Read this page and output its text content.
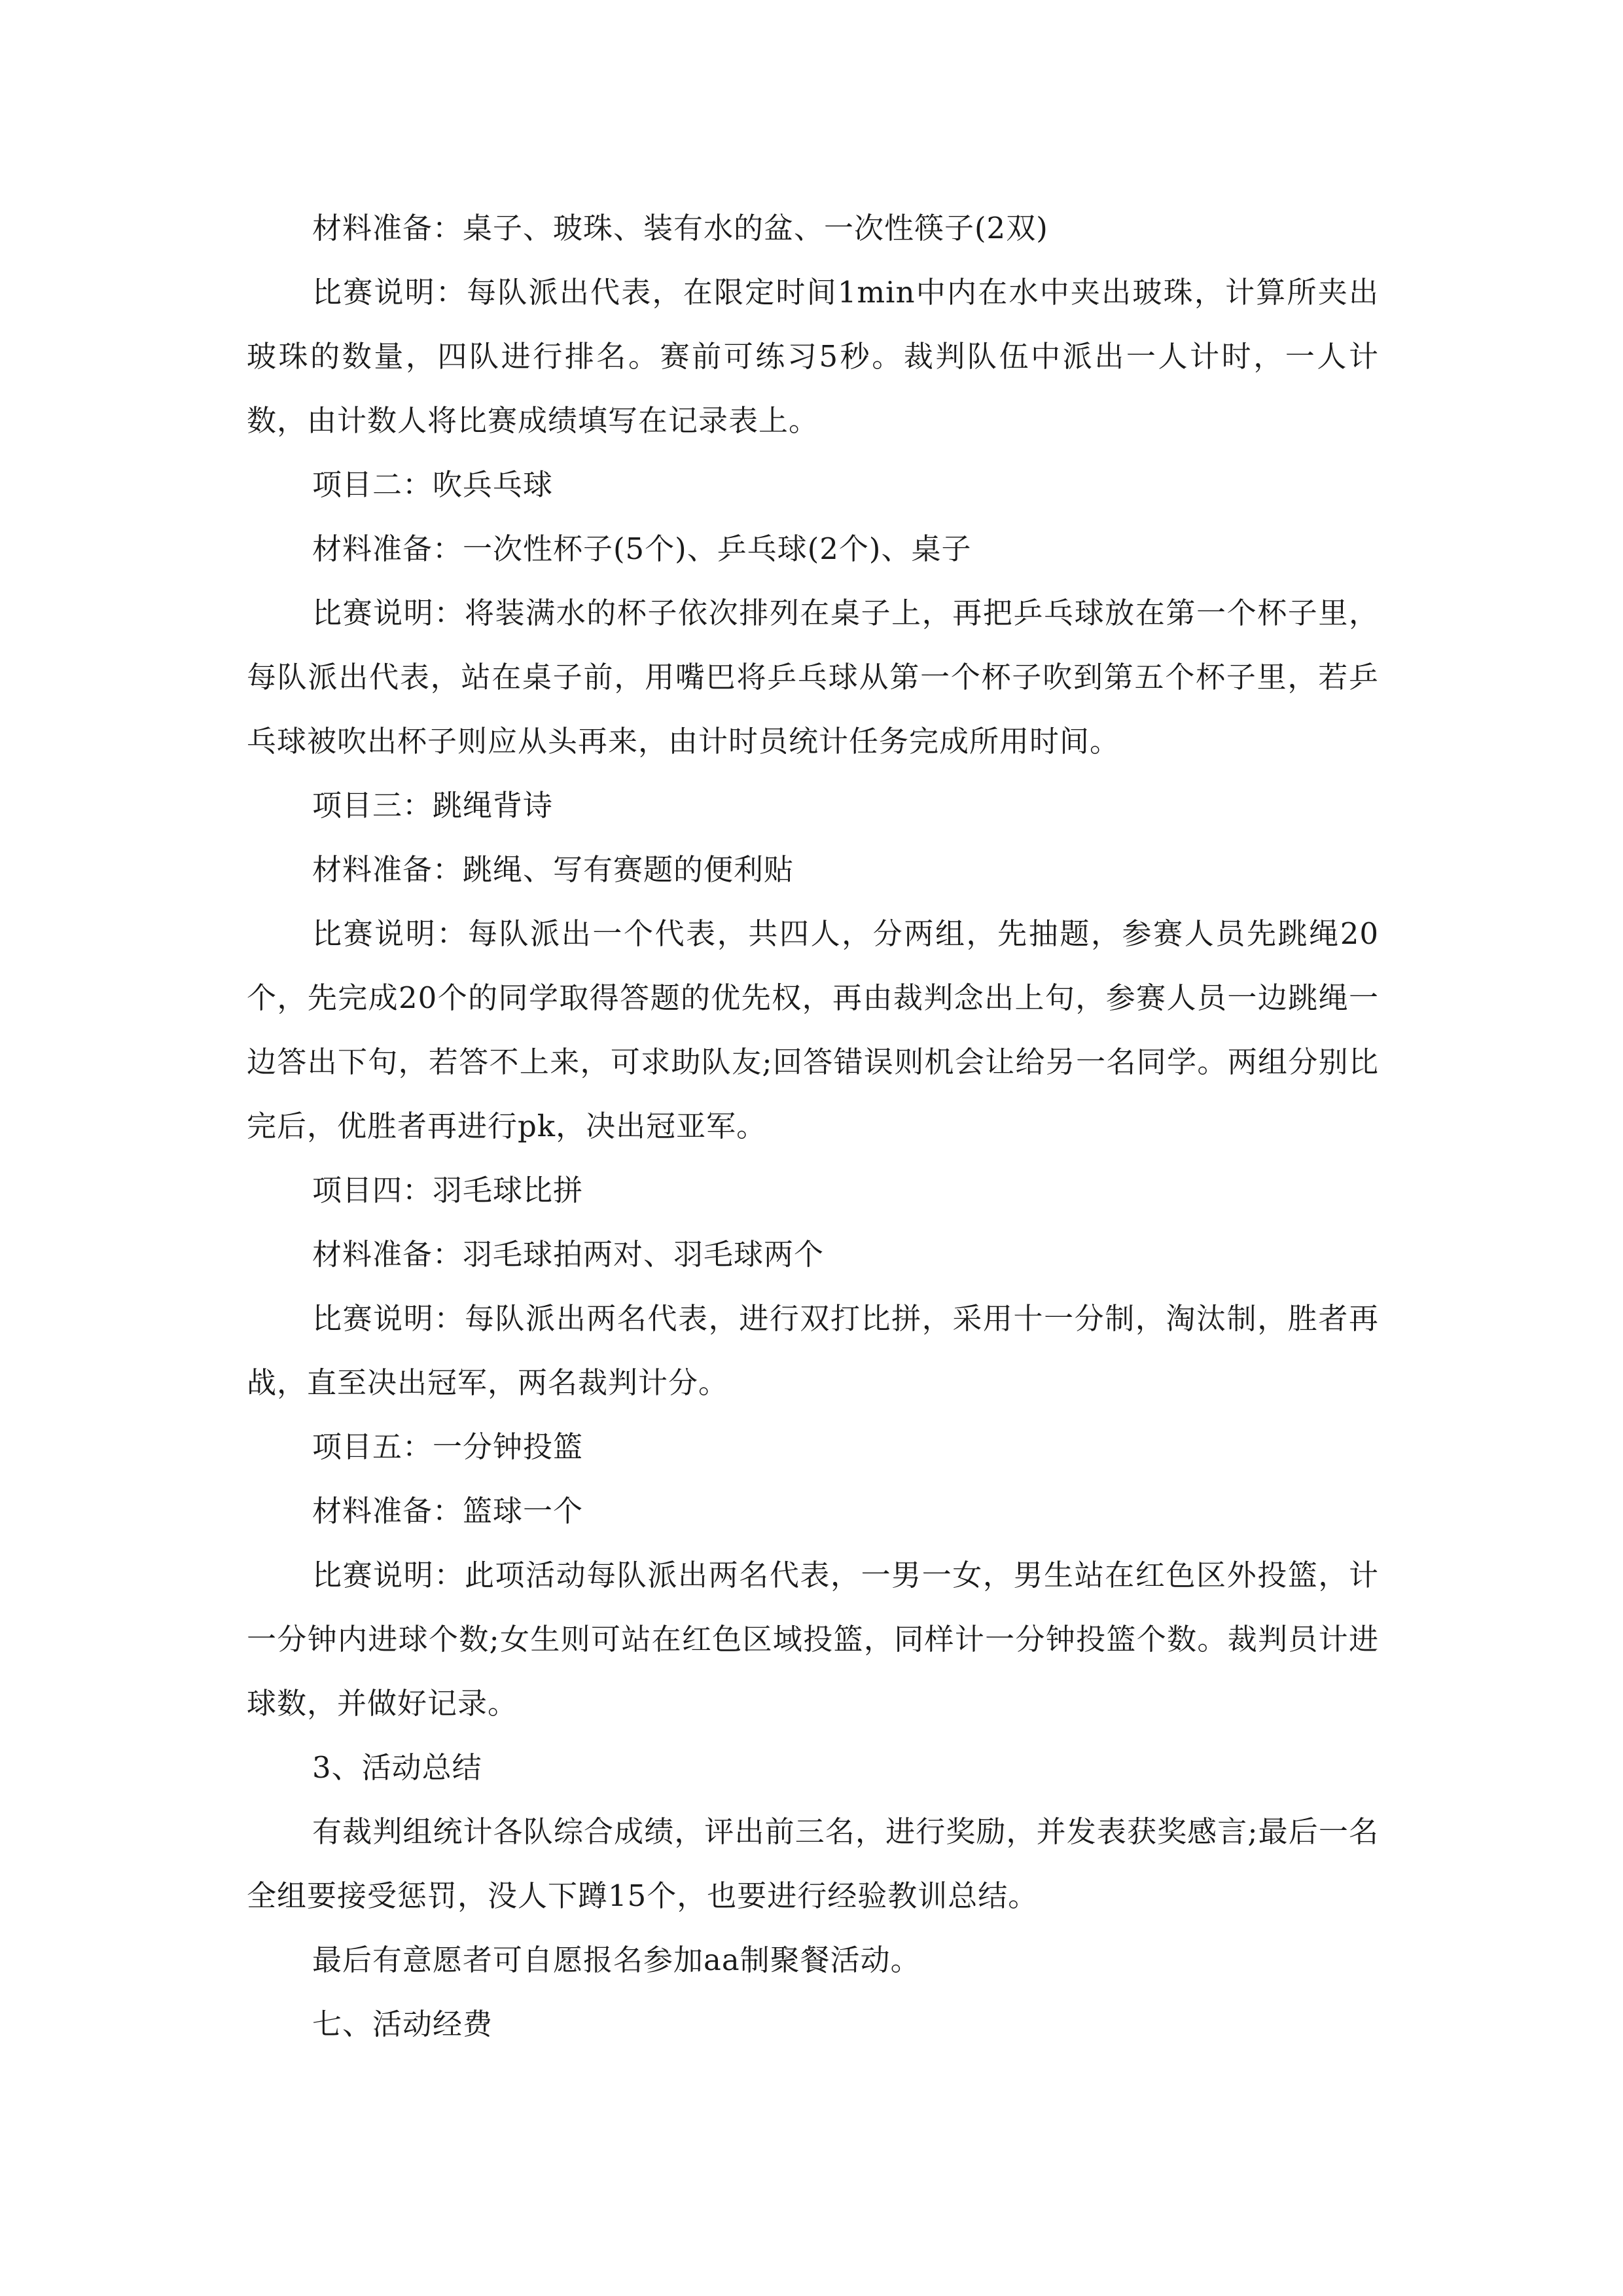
材料准备：桌子、玻珠、装有水的盆、一次性筷子(2双)

比赛说明：每队派出代表，在限定时间1min中内在水中夹出玻珠，计算所夹出玻珠的数量，四队进行排名。赛前可练习5秒。裁判队伍中派出一人计时，一人计数，由计数人将比赛成绩填写在记录表上。

项目二：吹兵乓球

材料准备：一次性杯子(5个)、乒乓球(2个)、桌子

比赛说明：将装满水的杯子依次排列在桌子上，再把乒乓球放在第一个杯子里，每队派出代表，站在桌子前，用嘴巴将乒乓球从第一个杯子吹到第五个杯子里，若乒乓球被吹出杯子则应从头再来，由计时员统计任务完成所用时间。

项目三：跳绳背诗

材料准备：跳绳、写有赛题的便利贴

比赛说明：每队派出一个代表，共四人，分两组，先抽题，参赛人员先跳绳20个，先完成20个的同学取得答题的优先权，再由裁判念出上句，参赛人员一边跳绳一边答出下句，若答不上来，可求助队友;回答错误则机会让给另一名同学。两组分别比完后，优胜者再进行pk，决出冠亚军。

项目四：羽毛球比拼

材料准备：羽毛球拍两对、羽毛球两个

比赛说明：每队派出两名代表，进行双打比拼，采用十一分制，淘汰制，胜者再战，直至决出冠军，两名裁判计分。

项目五：一分钟投篮

材料准备：篮球一个

比赛说明：此项活动每队派出两名代表，一男一女，男生站在红色区外投篮，计一分钟内进球个数;女生则可站在红色区域投篮，同样计一分钟投篮个数。裁判员计进球数，并做好记录。

3、活动总结

有裁判组统计各队综合成绩，评出前三名，进行奖励，并发表获奖感言;最后一名全组要接受惩罚，没人下蹲15个，也要进行经验教训总结。

最后有意愿者可自愿报名参加aa制聚餐活动。

七、活动经费
